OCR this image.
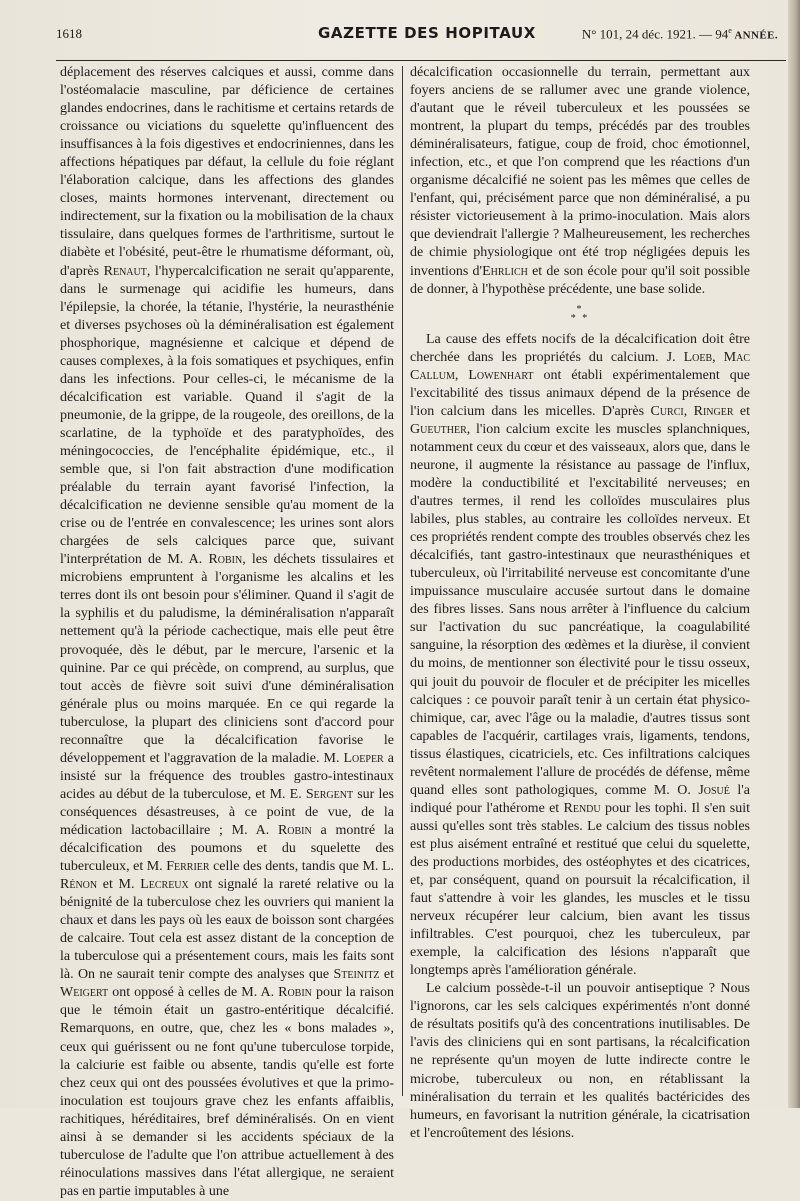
1618	GAZETTE DES HOPITAUX	N° 101, 24 déc. 1921. — 94e ANNÉE.

déplacement des réserves calciques et aussi, comme dans l'ostéomalacie masculine, par déficience de certaines glandes endocrines, dans le rachitisme et certains retards de croissance ou viciations du squelette qu'influencent des insuffisances à la fois digestives et endocriniennes, dans les affections hépatiques par défaut, la cellule du foie réglant l'élaboration calcique, dans les affections des glandes closes, maints hormones intervenant, directement ou indirectement, sur la fixation ou la mobilisation de la chaux tissulaire, dans quelques formes de l'arthritisme, surtout le diabète et l'obésité, peut-être le rhumatisme déformant, où, d'après Renaut, l'hypercalcification ne serait qu'apparente, dans le surmenage qui acidifie les humeurs, dans l'épilepsie, la chorée, la tétanie, l'hystérie, la neurasthénie et diverses psychoses où la déminéralisation est également phosphorique, magnésienne et calcique et dépend de causes complexes, à la fois somatiques et psychiques, enfin dans les infections. Pour celles-ci, le mécanisme de la décalcification est variable. Quand il s'agit de la pneumonie, de la grippe, de la rougeole, des oreillons, de la scarlatine, de la typhoïde et des paratyphoïdes, des méningococcies, de l'encéphalite épidémique, etc., il semble que, si l'on fait abstraction d'une modification préalable du terrain ayant favorisé l'infection, la décalcification ne devienne sensible qu'au moment de la crise ou de l'entrée en convalescence; les urines sont alors chargées de sels calciques parce que, suivant l'interprétation de M. A. Robin, les déchets tissulaires et microbiens empruntent à l'organisme les alcalins et les terres dont ils ont besoin pour s'éliminer. Quand il s'agit de la syphilis et du paludisme, la déminéralisation n'apparaît nettement qu'à la période cachectique, mais elle peut être provoquée, dès le début, par le mercure, l'arsenic et la quinine. Par ce qui précède, on comprend, au surplus, que tout accès de fièvre soit suivi d'une déminéralisation générale plus ou moins marquée. En ce qui regarde la tuberculose, la plupart des cliniciens sont d'accord pour reconnaître que la décalcification favorise le développement et l'aggravation de la maladie. M. Loeper a insisté sur la fréquence des troubles gastro-intestinaux acides au début de la tuberculose, et M. E. Sergent sur les conséquences désastreuses, à ce point de vue, de la médication lactobacillaire ; M. A. Robin a montré la décalcification des poumons et du squelette des tuberculeux, et M. Ferrier celle des dents, tandis que M. L. Rénon et M. Lecreux ont signalé la rareté relative ou la bénignité de la tuberculose chez les ouvriers qui manient la chaux et dans les pays où les eaux de boisson sont chargées de calcaire. Tout cela est assez distant de la conception de la tuberculose qui a présentement cours, mais les faits sont là. On ne saurait tenir compte des analyses que Steinitz et Weigert ont opposé à celles de M. A. Robin pour la raison que le témoin était un gastro-entéritique décalcifié. Remarquons, en outre, que, chez les « bons malades », ceux qui guérissent ou ne font qu'une tuberculose torpide, la calciurie est faible ou absente, tandis qu'elle est forte chez ceux qui ont des poussées évolutives et que la primo-inoculation est toujours grave chez les enfants affaiblis, rachitiques, héréditaires, bref déminéralisés. On en vient ainsi à se demander si les accidents spéciaux de la tuberculose de l'adulte que l'on attribue actuellement à des réinoculations massives dans l'état allergique, ne seraient pas en partie imputables à une

décalcification occasionnelle du terrain, permettant aux foyers anciens de se rallumer avec une grande violence, d'autant que le réveil tuberculeux et les poussées se montrent, la plupart du temps, précédés par des troubles déminéralisateurs, fatigue, coup de froid, choc émotionnel, infection, etc., et que l'on comprend que les réactions d'un organisme décalcifié ne soient pas les mêmes que celles de l'enfant, qui, précisément parce que non déminéralisé, a pu résister victorieusement à la primo-inoculation. Mais alors que deviendrait l'allergie ? Malheureusement, les recherches de chimie physiologique ont été trop négligées depuis les inventions d'Ehrlich et de son école pour qu'il soit possible de donner, à l'hypothèse précédente, une base solide.

*
* *

La cause des effets nocifs de la décalcification doit être cherchée dans les propriétés du calcium. J. Loeb, Mac Callum, Lowenhart ont établi expérimentalement que l'excitabilité des tissus animaux dépend de la présence de l'ion calcium dans les micelles. D'après Curci, Ringer et Gueuther, l'ion calcium excite les muscles splanchniques, notamment ceux du cœur et des vaisseaux, alors que, dans le neurone, il augmente la résistance au passage de l'influx, modère la conductibilité et l'excitabilité nerveuses; en d'autres termes, il rend les colloïdes musculaires plus labiles, plus stables, au contraire les colloïdes nerveux. Et ces propriétés rendent compte des troubles observés chez les décalcifiés, tant gastro-intestinaux que neurasthéniques et tuberculeux, où l'irritabilité nerveuse est concomitante d'une impuissance musculaire accusée surtout dans le domaine des fibres lisses. Sans nous arrêter à l'influence du calcium sur l'activation du suc pancréatique, la coagulabilité sanguine, la résorption des œdèmes et la diurèse, il convient du moins, de mentionner son électivité pour le tissu osseux, qui jouit du pouvoir de floculer et de précipiter les micelles calciques : ce pouvoir paraît tenir à un certain état physico-chimique, car, avec l'âge ou la maladie, d'autres tissus sont capables de l'acquérir, cartilages vrais, ligaments, tendons, tissus élastiques, cicatriciels, etc. Ces infiltrations calciques revêtent normalement l'allure de procédés de défense, même quand elles sont pathologiques, comme M. O. Josué l'a indiqué pour l'athérome et Rendu pour les tophi. Il s'en suit aussi qu'elles sont très stables. Le calcium des tissus nobles est plus aisément entraîné et restitué que celui du squelette, des productions morbides, des ostéophytes et des cicatrices, et, par conséquent, quand on poursuit la récalcification, il faut s'attendre à voir les glandes, les muscles et le tissu nerveux récupérer leur calcium, bien avant les tissus infiltrables. C'est pourquoi, chez les tuberculeux, par exemple, la calcification des lésions n'apparaît que longtemps après l'amélioration générale.

Le calcium possède-t-il un pouvoir antiseptique ? Nous l'ignorons, car les sels calciques expérimentés n'ont donné de résultats positifs qu'à des concentrations inutilisables. De l'avis des cliniciens qui en sont partisans, la récalcification ne représente qu'un moyen de lutte indirecte contre le microbe, tuberculeux ou non, en rétablissant la minéralisation du terrain et les qualités bactéricides des humeurs, en favorisant la nutrition générale, la cicatrisation et l'encroûtement des lésions.
